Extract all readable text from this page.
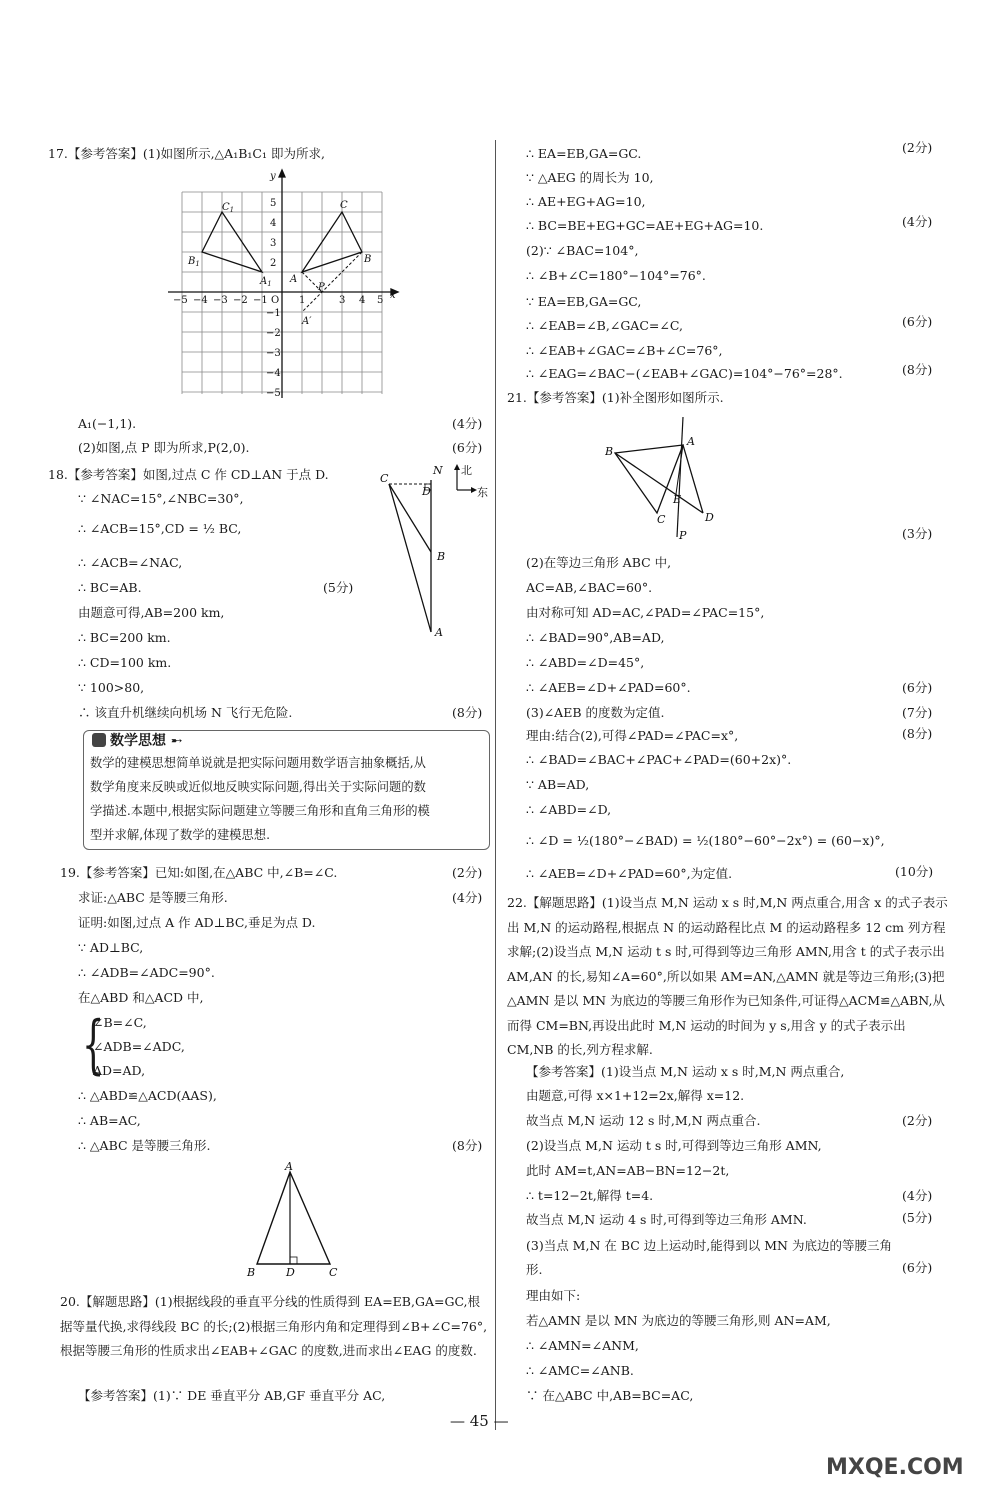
17.【参考答案】(1)如图所示,△A₁B₁C₁ 即为所求,
−5 −4 −3 −2 −1 O 1	3 4 5 x
5
4
3
2
−1
−2
−3
−4
−5
y
$C_1$
$B_1$
$A_1$
C
B
A
P
A′
A₁(−1,1).	(4分)
(2)如图,点 P 即为所求,P(2,0).	(6分)
18.【参考答案】如图,过点 C 作 CD⊥AN 于点 D.
∵ ∠NAC=15°,∠NBC=30°,
∴ ∠ACB=15°,CD = ½ BC,
∴ ∠ACB=∠NAC,
∴ BC=AB.	(5分)
由题意可得,AB=200 km,
∴ BC=200 km.
∴ CD=100 km.
∵ 100>80,
∴ 该直升机继续向机场 N 飞行无危险.	(8分)
C
D
N
B
A
北
东
数学思想 ➸
数学的建模思想简单说就是把实际问题用数学语言抽象概括,从
数学角度来反映或近似地反映实际问题,得出关于实际问题的数
学描述.本题中,根据实际问题建立等腰三角形和直角三角形的模
型并求解,体现了数学的建模思想.
19.【参考答案】已知:如图,在△ABC 中,∠B=∠C.	(2分)
求证:△ABC 是等腰三角形.	(4分)
证明:如图,过点 A 作 AD⊥BC,垂足为点 D.
∵ AD⊥BC,
∴ ∠ADB=∠ADC=90°.
在△ABD 和△ACD 中,
{
∠B=∠C,
∠ADB=∠ADC,
AD=AD,
∴ △ABD≌△ACD(AAS),
∴ AB=AC,
∴ △ABC 是等腰三角形.	(8分)
A
B	D	C
20.【解题思路】(1)根据线段的垂直平分线的性质得到 EA=EB,GA=GC,根据等量代换,求得线段 BC 的长;(2)根据三角形内角和定理得到∠B+∠C=76°,根据等腰三角形的性质求出∠EAB+∠GAC 的度数,进而求出∠EAG 的度数.
【参考答案】(1)∵ DE 垂直平分 AB,GF 垂直平分 AC,
∴ EA=EB,GA=GC.	(2分)
∵ △AEG 的周长为 10,
∴ AE+EG+AG=10,
∴ BC=BE+EG+GC=AE+EG+AG=10.	(4分)
(2)∵ ∠BAC=104°,
∴ ∠B+∠C=180°−104°=76°.
∵ EA=EB,GA=GC,
∴ ∠EAB=∠B,∠GAC=∠C,	(6分)
∴ ∠EAB+∠GAC=∠B+∠C=76°,
∴ ∠EAG=∠BAC−(∠EAB+∠GAC)=104°−76°=28°.	(8分)
21.【参考答案】(1)补全图形如图所示.
B
A
E
C	D
P	(3分)
(2)在等边三角形 ABC 中,
AC=AB,∠BAC=60°.
由对称可知 AD=AC,∠PAD=∠PAC=15°,
∴ ∠BAD=90°,AB=AD,
∴ ∠ABD=∠D=45°,
∴ ∠AEB=∠D+∠PAD=60°.	(6分)
(3)∠AEB 的度数为定值.	(7分)
理由:结合(2),可得∠PAD=∠PAC=x°,	(8分)
∴ ∠BAD=∠BAC+∠PAC+∠PAD=(60+2x)°.
∵ AB=AD,
∴ ∠ABD=∠D,
∴ ∠D = ½(180°−∠BAD) = ½(180°−60°−2x°) = (60−x)°,
∴ ∠AEB=∠D+∠PAD=60°,为定值.	(10分)
22.【解题思路】(1)设当点 M,N 运动 x s 时,M,N 两点重合,用含 x 的式子表示出 M,N 的运动路程,根据点 N 的运动路程比点 M 的运动路程多 12 cm 列方程求解;(2)设当点 M,N 运动 t s 时,可得到等边三角形 AMN,用含 t 的式子表示出 AM,AN 的长,易知∠A=60°,所以如果 AM=AN,△AMN 就是等边三角形;(3)把△AMN 是以 MN 为底边的等腰三角形作为已知条件,可证得△ACM≌△ABN,从而得 CM=BN,再设出此时 M,N 运动的时间为 y s,用含 y 的式子表示出 CM,NB 的长,列方程求解.
【参考答案】(1)设当点 M,N 运动 x s 时,M,N 两点重合,
由题意,可得 x×1+12=2x,解得 x=12.
故当点 M,N 运动 12 s 时,M,N 两点重合.	(2分)
(2)设当点 M,N 运动 t s 时,可得到等边三角形 AMN,
此时 AM=t,AN=AB−BN=12−2t,
∴ t=12−2t,解得 t=4.	(4分)
故当点 M,N 运动 4 s 时,可得到等边三角形 AMN.	(5分)
(3)当点 M,N 在 BC 边上运动时,能得到以 MN 为底边的等腰三角
形.	(6分)
理由如下:
若△AMN 是以 MN 为底边的等腰三角形,则 AN=AM,
∴ ∠AMN=∠ANM,
∴ ∠AMC=∠ANB.
∵ 在△ABC 中,AB=BC=AC,
— 45 —
MXQE.COM
